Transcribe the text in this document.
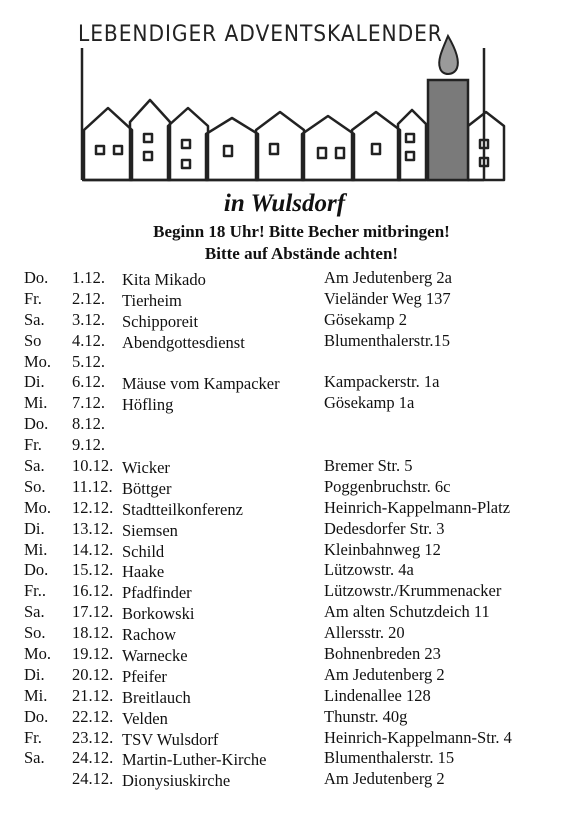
LEBENDIGER ADVENTSKALENDER
in Wulsdorf
Beginn 18 Uhr! Bitte Becher mitbringen!
Bitte auf Abstände achten!
Do. 1.12. Kita Mikado	Am Jedutenberg 2a
Fr. 2.12. Tierheim	Vieländer Weg 137
Sa. 3.12. Schipporeit	Gösekamp 2
So 4.12. Abendgottesdienst	Blumenthalerstr.15
Mo. 5.12.
Di. 6.12. Mäuse vom Kampacker	Kampackerstr. 1a
Mi. 7.12. Höfling	Gösekamp 1a
Do. 8.12.
Fr. 9.12.
Sa. 10.12. Wicker	Bremer Str. 5
So. 11.12. Böttger	Poggenbruchstr. 6c
Mo. 12.12. Stadtteilkonferenz	Heinrich-Kappelmann-Platz
Di. 13.12. Siemsen	Dedesdorfer Str. 3
Mi. 14.12. Schild	Kleinbahnweg 12
Do. 15.12. Haake	Lützowstr. 4a
Fr.. 16.12. Pfadfinder	Lützowstr./Krummenacker
Sa. 17.12. Borkowski	Am alten Schutzdeich 11
So. 18.12. Rachow	Allersstr. 20
Mo. 19.12. Warnecke	Bohnenbreden 23
Di. 20.12. Pfeifer	Am Jedutenberg 2
Mi. 21.12. Breitlauch	Lindenallee 128
Do. 22.12. Velden	Thunstr. 40g
Fr. 23.12. TSV Wulsdorf	Heinrich-Kappelmann-Str. 4
Sa. 24.12. Martin-Luther-Kirche	Blumenthalerstr. 15
24.12. Dionysiuskirche	Am Jedutenberg 2
